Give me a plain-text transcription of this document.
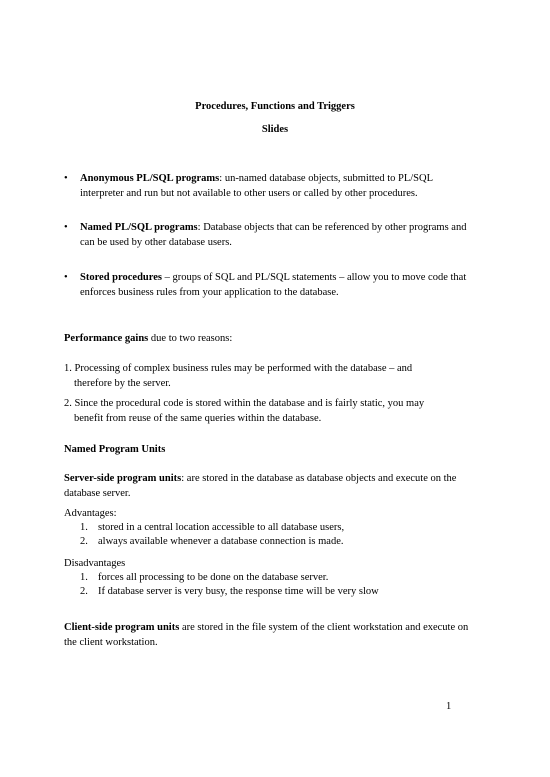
Procedures, Functions and Triggers
Slides
• Anonymous PL/SQL programs: un-named database objects, submitted to PL/SQL
interpreter and run but not available to other users or called by other procedures.
• Named PL/SQL programs: Database objects that can be referenced by other programs and
can be used by other database users.
• Stored procedures – groups of SQL and PL/SQL statements – allow you to move code that
enforces business rules from your application to the database.
Performance gains due to two reasons:
1. Processing of complex business rules may be performed with the database – and
therefore by the server.
2. Since the procedural code is stored within the database and is fairly static, you may
benefit from reuse of the same queries within the database.
Named Program Units
Server-side program units: are stored in the database as database objects and execute on the
database server.
Advantages:
1. stored in a central location accessible to all database users,
2. always available whenever a database connection is made.
Disadvantages
1. forces all processing to be done on the database server.
2. If database server is very busy, the response time will be very slow
Client-side program units are stored in the file system of the client workstation and execute on
the client workstation.
1
